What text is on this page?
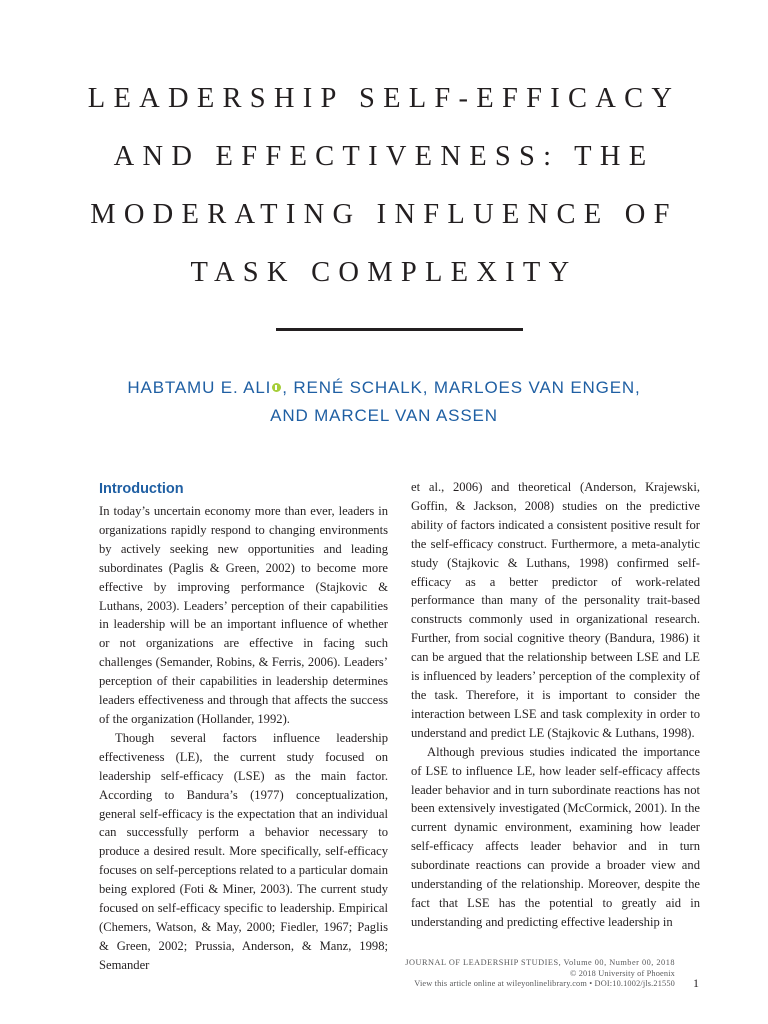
LEADERSHIP SELF-EFFICACY
AND EFFECTIVENESS: THE
MODERATING INFLUENCE OF
TASK COMPLEXITY
HABTAMU E. ALI , RENÉ SCHALK, MARLOES VAN ENGEN,
AND MARCEL VAN ASSEN
Introduction

In today’s uncertain economy more than ever, leaders in organizations rapidly respond to changing environments by actively seeking new opportunities and leading subordinates (Paglis & Green, 2002) to become more effective by improving performance (Stajkovic & Luthans, 2003). Leaders’ perception of their capabilities in leadership will be an important influence of whether or not organizations are effective in facing such challenges (Semander, Robins, & Ferris, 2006). Leaders’ perception of their capabilities in leadership determines leaders effectiveness and through that affects the success of the organization (Hollander, 1992).

Though several factors influence leadership effectiveness (LE), the current study focused on leadership self-efficacy (LSE) as the main factor. According to Bandura’s (1977) conceptualization, general self-efficacy is the expectation that an individual can successfully perform a behavior necessary to produce a desired result. More specifically, self-efficacy focuses on self-perceptions related to a particular domain being explored (Foti & Miner, 2003). The current study focused on self-efficacy specific to leadership. Empirical (Chemers, Watson, & May, 2000; Fiedler, 1967; Paglis & Green, 2002; Prussia, Anderson, & Manz, 1998; Semander

et al., 2006) and theoretical (Anderson, Krajewski, Goffin, & Jackson, 2008) studies on the predictive ability of factors indicated a consistent positive result for the self-efficacy construct. Furthermore, a meta-analytic study (Stajkovic & Luthans, 1998) confirmed self-efficacy as a better predictor of work-related performance than many of the personality trait-based constructs commonly used in organizational research. Further, from social cognitive theory (Bandura, 1986) it can be argued that the relationship between LSE and LE is influenced by leaders’ perception of the complexity of the task. Therefore, it is important to consider the interaction between LSE and task complexity in order to understand and predict LE (Stajkovic & Luthans, 1998).

Although previous studies indicated the importance of LSE to influence LE, how leader self-efficacy affects leader behavior and in turn subordinate reactions has not been extensively investigated (McCormick, 2001). In the current dynamic environment, examining how leader self-efficacy affects leader behavior and in turn subordinate reactions can provide a broader view and understanding of the relationship. Moreover, despite the fact that LSE has the potential to greatly aid in understanding and predicting effective leadership in

JOURNAL OF LEADERSHIP STUDIES, Volume 00, Number 00, 2018
© 2018 University of Phoenix
View this article online at wileyonlinelibrary.com • DOI:10.1002/jls.21550 1
